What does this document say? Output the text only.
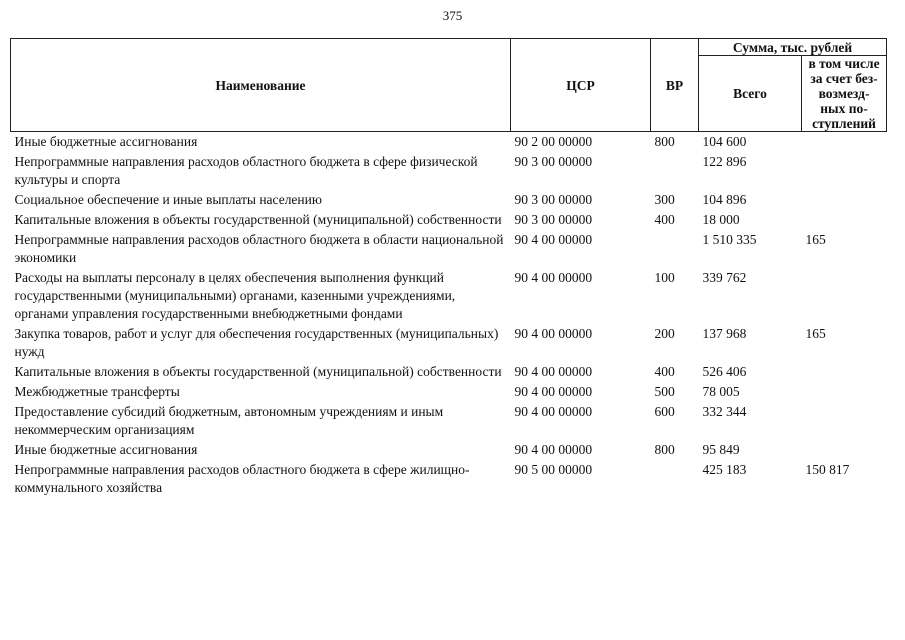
375
Наименование	ЦСР	ВР	Сумма, тыс. рублей	
			Всего	в том числе
за счет без-
возмезд-
ных по-
ступлений

Иные бюджетные ассигнования	90 2 00 00000	800	104 600	
Непрограммные направления расходов областного бюджета в сфере физической культуры и спорта	90 3 00 00000		122 896	
Социальное обеспечение и иные выплаты населению	90 3 00 00000	300	104 896	
Капитальные вложения в объекты государственной (муниципальной) собственности	90 3 00 00000	400	18 000	
Непрограммные направления расходов областного бюджета в области национальной экономики	90 4 00 00000		1 510 335	165
Расходы на выплаты персоналу в целях обеспечения выполнения функций государственными (муниципальными) органами, казенными учреждениями, органами управления государственными внебюджетными фондами	90 4 00 00000	100	339 762	
Закупка товаров, работ и услуг для обеспечения государственных (муниципальных) нужд	90 4 00 00000	200	137 968	165
Капитальные вложения в объекты государственной (муниципальной) собственности	90 4 00 00000	400	526 406	
Межбюджетные трансферты	90 4 00 00000	500	78 005	
Предоставление субсидий бюджетным, автономным учреждениям и иным некоммерческим организациям	90 4 00 00000	600	332 344	
Иные бюджетные ассигнования	90 4 00 00000	800	95 849	
Непрограммные направления расходов областного бюджета в сфере жилищно-коммунального хозяйства	90 5 00 00000		425 183	150 817
